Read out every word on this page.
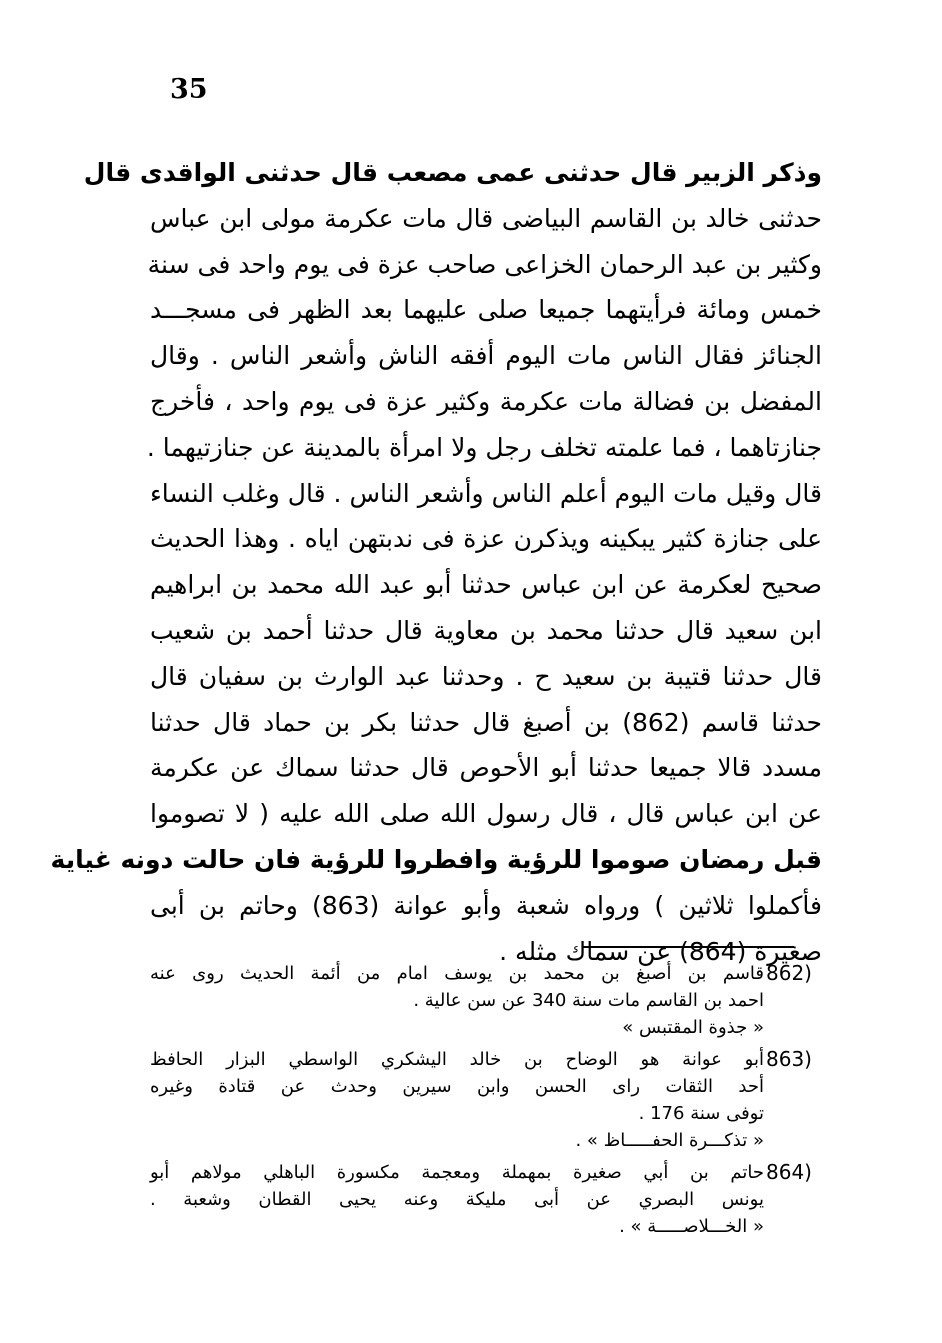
35
وذكر الزبير قال حدثنى عمى مصعب قال حدثنى الواقدى قال
حدثنى خالد بن القاسم البياضى قال مات عكرمة مولى ابن عباس
وكثير بن عبد الرحمان الخزاعى صاحب عزة فى يوم واحد فى سنة
خمس ومائة فرأيتهما جميعا صلى عليهما بعد الظهر فى مسجـــد
الجنائز فقال الناس مات اليوم أفقه الناش وأشعر الناس . وقال
المفضل بن فضالة مات عكرمة وكثير عزة فى يوم واحد ، فأخرج
جنازتاهما ، فما علمته تخلف رجل ولا امرأة بالمدينة عن جنازتيهما .
قال وقيل مات اليوم أعلم الناس وأشعر الناس . قال وغلب النساء
على جنازة كثير يبكينه ويذكرن عزة فى ندبتهن اياه . وهذا الحديث
صحيح لعكرمة عن ابن عباس حدثنا أبو عبد الله محمد بن ابراهيم
ابن سعيد قال حدثنا محمد بن معاوية قال حدثنا أحمد بن شعيب
قال حدثنا قتيبة بن سعيد ح . وحدثنا عبد الوارث بن سفيان قال
حدثنا قاسم (862) بن أصبغ قال حدثنا بكر بن حماد قال حدثنا
مسدد قالا جميعا حدثنا أبو الأحوص قال حدثنا سماك عن عكرمة
عن ابن عباس قال ، قال رسول الله صلى الله عليه ( لا تصوموا
قبل رمضان صوموا للرؤية وافطروا للرؤية فان حالت دونه غياية
فأكملوا ثلاثين ) ورواه شعبة وأبو عوانة (863) وحاتم بن أبى
صغيرة (864) عن سماك مثله .
862)
قاسم بن أصبغ بن محمد بن يوسف امام من أئمة الحديث روى عنه
احمد بن القاسم مات سنة 340 عن سن عالية .
« جذوة المقتبس »
863)
أبو عوانة هو الوضاح بن خالد اليشكري الواسطي البزار الحافظ
أحد الثقات راى الحسن وابن سيرين وحدث عن قتادة وغيره
توفى سنة 176 .
« تذكـــرة الحفـــــاظ » .
864)
حاتم بن أبي صغيرة بمهملة ومعجمة مكسورة الباهلي مولاهم أبو
يونس البصري عن أبى مليكة وعنه يحيى القطان وشعبة .
« الخـــلاصـــــة » .
